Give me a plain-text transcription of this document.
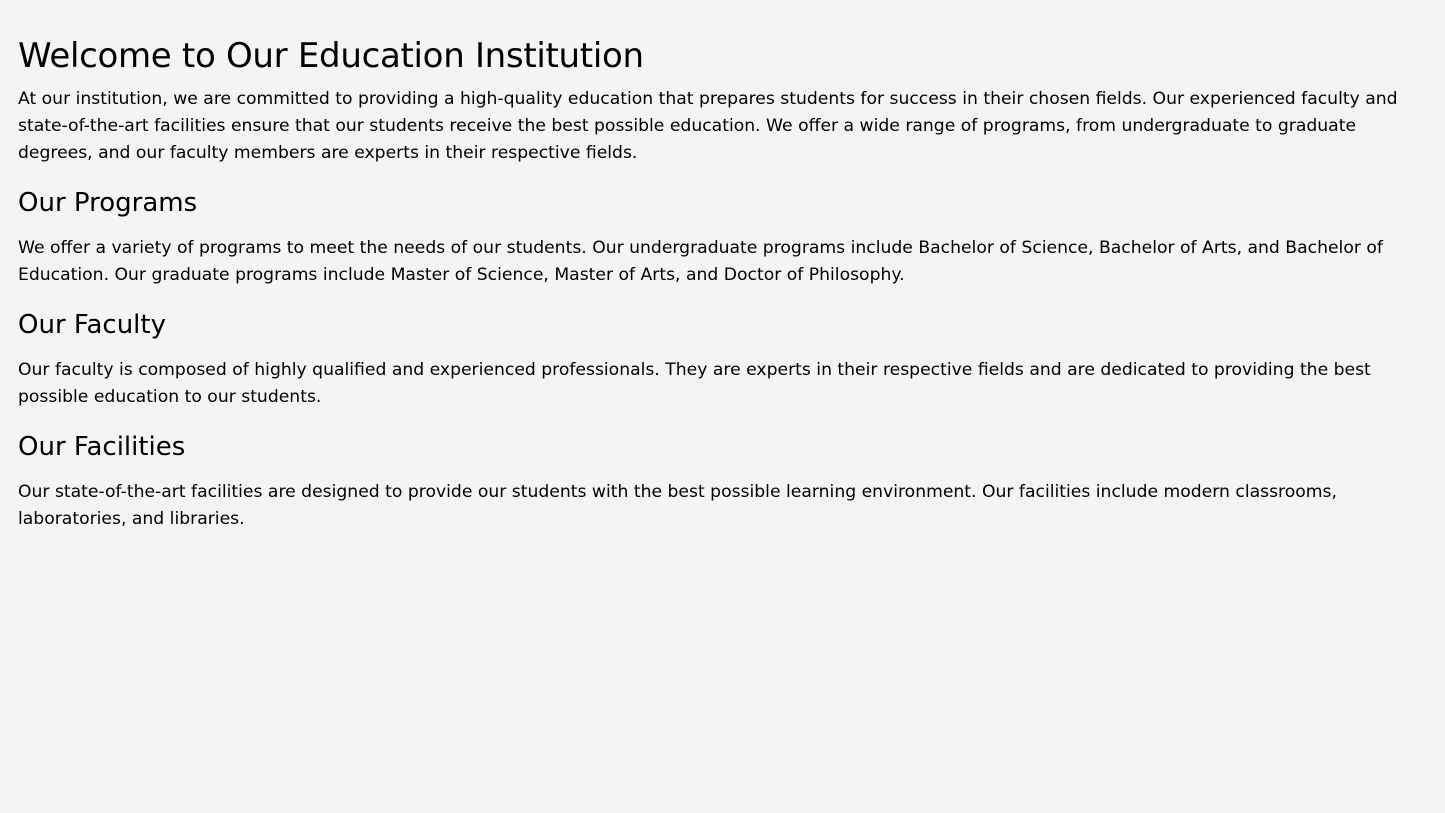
Welcome to Our Education Institution

At our institution, we are committed to providing a high-quality education that prepares students for success in their chosen fields. Our experienced faculty and state-of-the-art facilities ensure that our students receive the best possible education. We offer a wide range of programs, from undergraduate to graduate degrees, and our faculty members are experts in their respective fields.

Our Programs

We offer a variety of programs to meet the needs of our students. Our undergraduate programs include Bachelor of Science, Bachelor of Arts, and Bachelor of Education. Our graduate programs include Master of Science, Master of Arts, and Doctor of Philosophy.

Our Faculty

Our faculty is composed of highly qualified and experienced professionals. They are experts in their respective fields and are dedicated to providing the best possible education to our students.

Our Facilities

Our state-of-the-art facilities are designed to provide our students with the best possible learning environment. Our facilities include modern classrooms, laboratories, and libraries.
